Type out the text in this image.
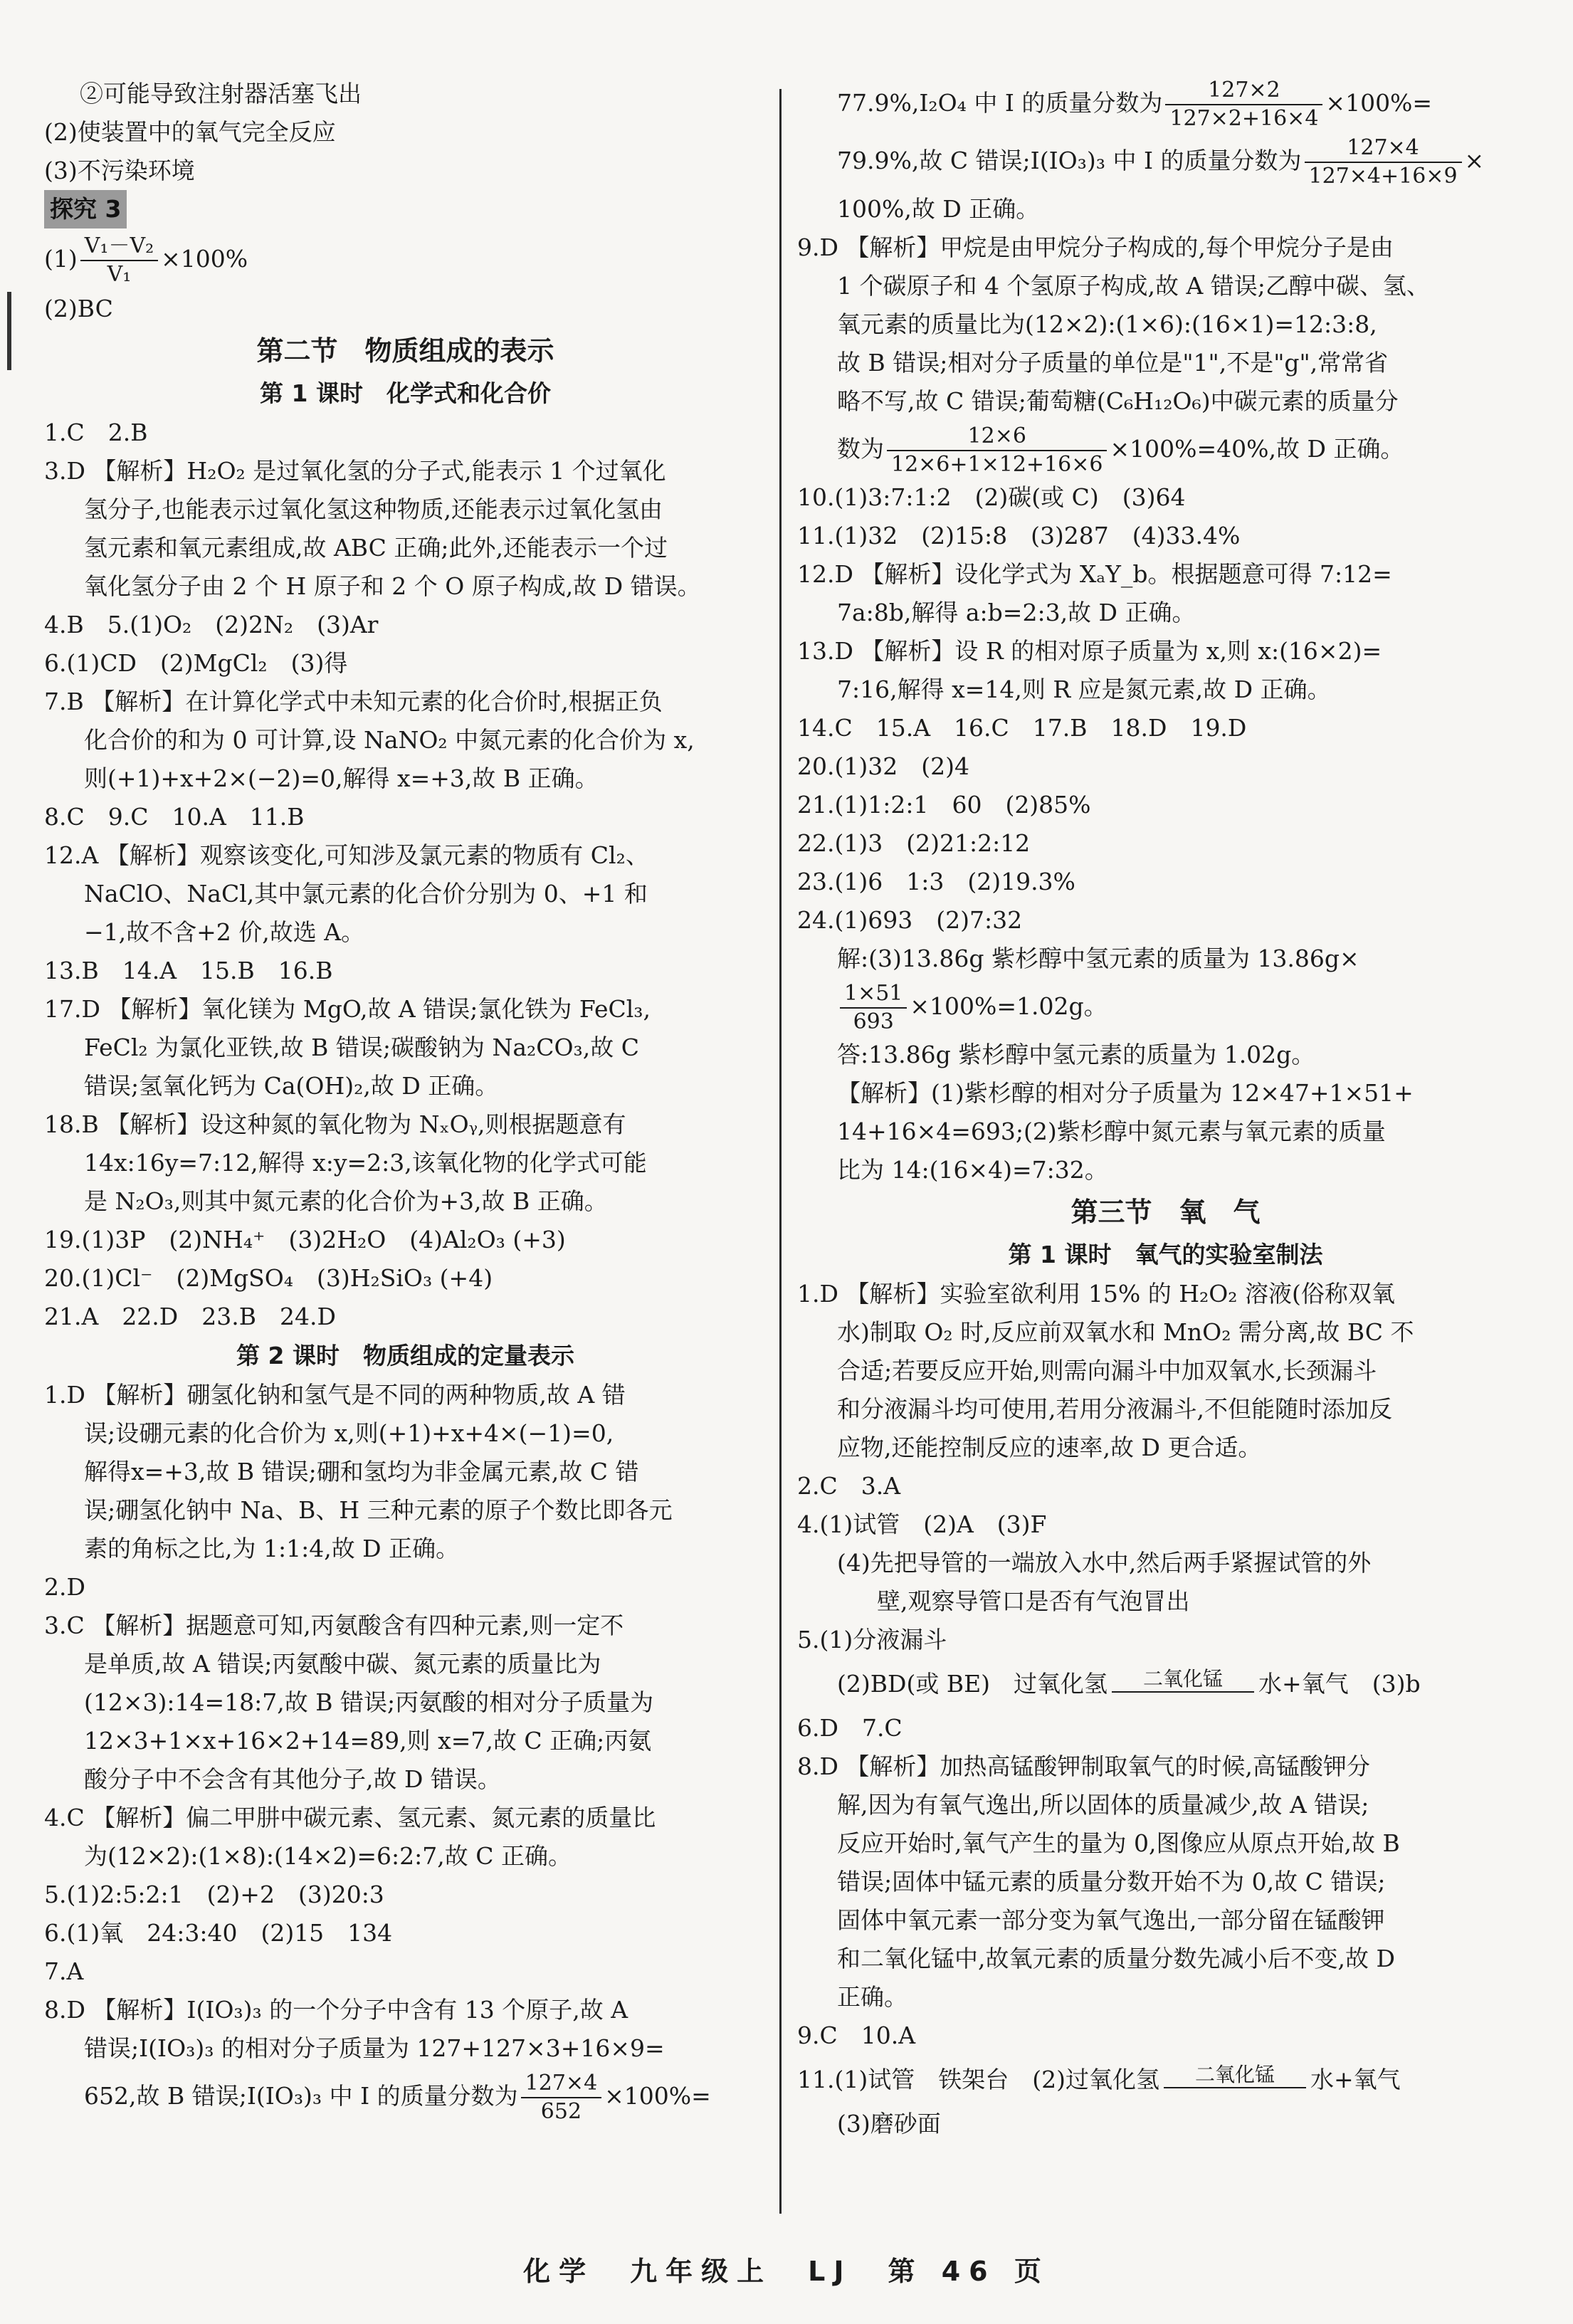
②可能导致注射器活塞飞出
(2)使装置中的氧气完全反应
(3)不污染环境
探究 3
$(1) \frac{\text{V₁－V₂}}{\text{V₁}} \times 100\%$
(2)BC
第二节　物质组成的表示
第 1 课时　化学式和化合价
1.C　2.B
3.D 【解析】H₂O₂ 是过氧化氢的分子式,能表示 1 个过氧化
氢分子,也能表示过氧化氢这种物质,还能表示过氧化氢由
氢元素和氧元素组成,故 ABC 正确;此外,还能表示一个过
氧化氢分子由 2 个 H 原子和 2 个 O 原子构成,故 D 错误。
4.B　5.(1)O₂　(2)2N₂　(3)Ar
6.(1)CD　(2)MgCl₂　(3)得
7.B 【解析】在计算化学式中未知元素的化合价时,根据正负
化合价的和为 0 可计算,设 NaNO₂ 中氮元素的化合价为 x,
则(+1)+x+2×(−2)=0,解得 x=+3,故 B 正确。
8.C　9.C　10.A　11.B
12.A 【解析】观察该变化,可知涉及氯元素的物质有 Cl₂、
NaClO、NaCl,其中氯元素的化合价分别为 0、+1 和
−1,故不含+2 价,故选 A。
13.B　14.A　15.B　16.B
17.D 【解析】氧化镁为 MgO,故 A 错误;氯化铁为 FeCl₃,
FeCl₂ 为氯化亚铁,故 B 错误;碳酸钠为 Na₂CO₃,故 C
错误;氢氧化钙为 Ca(OH)₂,故 D 正确。
18.B 【解析】设这种氮的氧化物为 NₓOᵧ,则根据题意有
14x:16y=7:12,解得 x:y=2:3,该氧化物的化学式可能
是 N₂O₃,则其中氮元素的化合价为+3,故 B 正确。
19.(1)3P　(2)NH₄⁺　(3)2H₂O　(4)Al₂O₃ (+3)
20.(1)Cl⁻　(2)MgSO₄　(3)H₂SiO₃ (+4)
21.A　22.D　23.B　24.D
第 2 课时　物质组成的定量表示
1.D 【解析】硼氢化钠和氢气是不同的两种物质,故 A 错
误;设硼元素的化合价为 x,则(+1)+x+4×(−1)=0,
解得x=+3,故 B 错误;硼和氢均为非金属元素,故 C 错
误;硼氢化钠中 Na、B、H 三种元素的原子个数比即各元
素的角标之比,为 1:1:4,故 D 正确。
2.D
3.C 【解析】据题意可知,丙氨酸含有四种元素,则一定不
是单质,故 A 错误;丙氨酸中碳、氮元素的质量比为
(12×3):14=18:7,故 B 错误;丙氨酸的相对分子质量为
12×3+1×x+16×2+14=89,则 x=7,故 C 正确;丙氨
酸分子中不会含有其他分子,故 D 错误。
4.C 【解析】偏二甲肼中碳元素、氢元素、氮元素的质量比
为(12×2):(1×8):(14×2)=6:2:7,故 C 正确。
5.(1)2:5:2:1　(2)+2　(3)20:3
6.(1)氧　24:3:40　(2)15　134
7.A
8.D 【解析】I(IO₃)₃ 的一个分子中含有 13 个原子,故 A
错误;I(IO₃)₃ 的相对分子质量为 127+127×3+16×9=
652,故 B 错误;I(IO₃)₃ 中 I 的质量分数为 $\frac{127\times 4}{652} \times 100\%=$
77.9%,I₂O₄ 中 I 的质量分数为 $\frac{127\times 2}{127\times 2+16\times 4} \times 100\%=$
79.9%,故 C 错误;I(IO₃)₃ 中 I 的质量分数为 $\frac{127\times 4}{127\times 4+16\times 9}$ ×
100%,故 D 正确。
9.D 【解析】甲烷是由甲烷分子构成的,每个甲烷分子是由
1 个碳原子和 4 个氢原子构成,故 A 错误;乙醇中碳、氢、
氧元素的质量比为(12×2):(1×6):(16×1)=12:3:8,
故 B 错误;相对分子质量的单位是"1",不是"g",常常省
略不写,故 C 错误;葡萄糖(C₆H₁₂O₆)中碳元素的质量分
数为 $\frac{12\times 6}{12\times 6+1\times 12+16\times 6} \times 100\%=40\%$,故 D 正确。
10.(1)3:7:1:2　(2)碳(或 C)　(3)64
11.(1)32　(2)15:8　(3)287　(4)33.4%
12.D 【解析】设化学式为 XₐY_b。根据题意可得 7:12=
7a:8b,解得 a:b=2:3,故 D 正确。
13.D 【解析】设 R 的相对原子质量为 x,则 x:(16×2)=
7:16,解得 x=14,则 R 应是氮元素,故 D 正确。
14.C　15.A　16.C　17.B　18.D　19.D
20.(1)32　(2)4
21.(1)1:2:1　60　(2)85%
22.(1)3　(2)21:2:12
23.(1)6　1:3　(2)19.3%
24.(1)693　(2)7:32
解:(3)13.86g 紫杉醇中氢元素的质量为 13.86g×
$\frac{1\times 51}{693} \times 100\%=1.02g$。
答:13.86g 紫杉醇中氢元素的质量为 1.02g。
【解析】(1)紫杉醇的相对分子质量为 12×47+1×51+
14+16×4=693;(2)紫杉醇中氮元素与氧元素的质量
比为 14:(16×4)=7:32。
第三节　氧　气
第 1 课时　氧气的实验室制法
1.D 【解析】实验室欲利用 15% 的 H₂O₂ 溶液(俗称双氧
水)制取 O₂ 时,反应前双氧水和 MnO₂ 需分离,故 BC 不
合适;若要反应开始,则需向漏斗中加双氧水,长颈漏斗
和分液漏斗均可使用,若用分液漏斗,不但能随时添加反
应物,还能控制反应的速率,故 D 更合适。
2.C　3.A
4.(1)试管　(2)A　(3)F
(4)先把导管的一端放入水中,然后两手紧握试管的外
壁,观察导管口是否有气泡冒出
5.(1)分液漏斗
(2)BD(或 BE)　过氧化氢	二氧化锰	水+氧气　(3)b
6.D　7.C
8.D 【解析】加热高锰酸钾制取氧气的时候,高锰酸钾分
解,因为有氧气逸出,所以固体的质量减少,故 A 错误;
反应开始时,氧气产生的量为 0,图像应从原点开始,故 B
错误;固体中锰元素的质量分数开始不为 0,故 C 错误;
固体中氧元素一部分变为氧气逸出,一部分留在锰酸钾
和二氧化锰中,故氧元素的质量分数先减小后不变,故 D
正确。
9.C　10.A
11.(1)试管　铁架台　(2)过氧化氢	二氧化锰	水+氧气
(3)磨砂面
化学　九年级上　LJ　第 46 页
